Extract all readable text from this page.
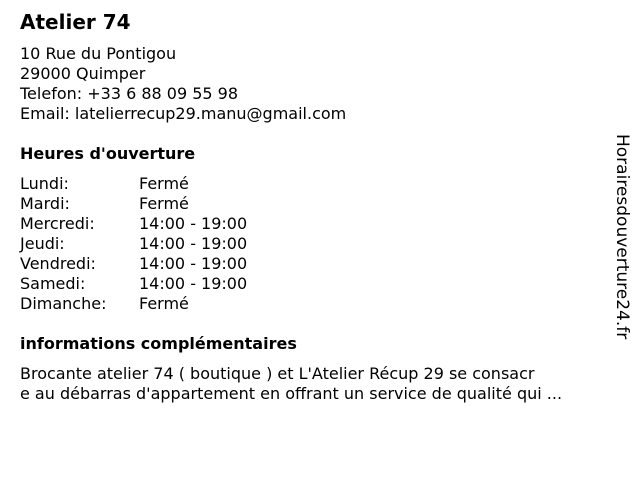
Atelier 74
10 Rue du Pontigou
29000 Quimper
Telefon: +33 6 88 09 55 98
Email: latelierrecup29.manu@gmail.com
Heures d'ouverture
Lundi:	Fermé
Mardi:	Fermé
Mercredi:	14:00 - 19:00
Jeudi:	14:00 - 19:00
Vendredi:	14:00 - 19:00
Samedi:	14:00 - 19:00
Dimanche: Fermé
informations complémentaires
Brocante atelier 74 ( boutique ) et L'Atelier Récup 29 se consacr
e au débarras d'appartement en offrant un service de qualité qui ...
Horairesdouverture24.fr
